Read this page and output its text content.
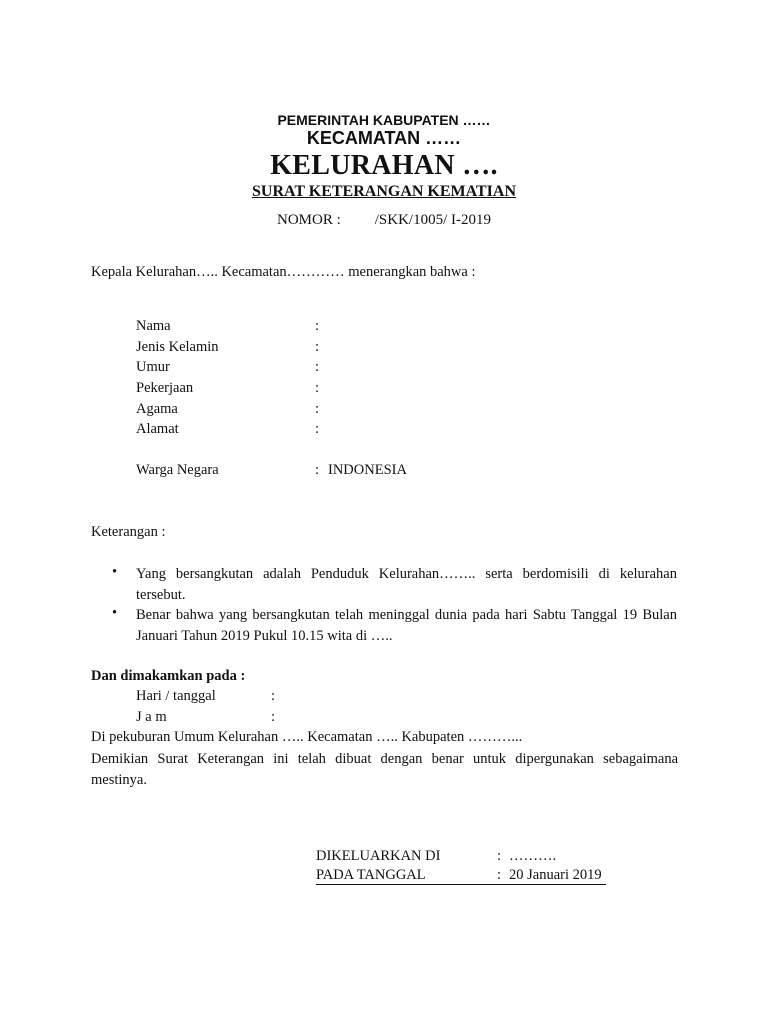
PEMERINTAH KABUPATEN ……
KECAMATAN ……
KELURAHAN ….
SURAT KETERANGAN KEMATIAN
NOMOR : /SKK/1005/ I-2019
Kepala Kelurahan….. Kecamatan………… menerangkan bahwa :
Nama	:
Jenis Kelamin	:
Umur	:
Pekerjaan	:
Agama	:
Alamat	:
Warga Negara	: INDONESIA
Keterangan :
• Yang bersangkutan adalah Penduduk Kelurahan…….. serta berdomisili di kelurahan tersebut.
• Benar bahwa yang bersangkutan telah meninggal dunia pada hari Sabtu Tanggal 19 Bulan Januari Tahun 2019 Pukul 10.15 wita di …..
Dan dimakamkan pada :
Hari / tanggal	:
J a m	:
Di pekuburan Umum Kelurahan ….. Kecamatan ….. Kabupaten ………...
Demikian Surat Keterangan ini telah dibuat dengan benar untuk dipergunakan sebagaimana mestinya.
DIKELUARKAN DI	: ……….
PADA TANGGAL	: 20 Januari 2019
